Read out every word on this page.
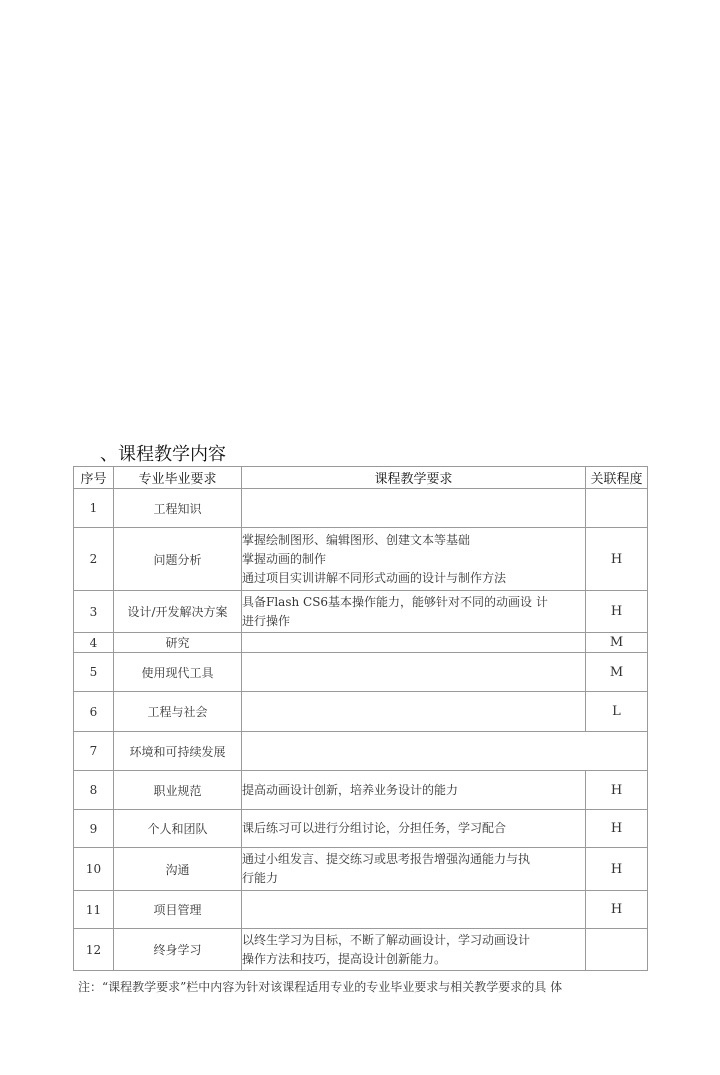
、课程教学内容
序号	专业毕业要求	课程教学要求	关联程度
1	工程知识		
2	问题分析	掌握绘制图形、编辑图形、创建文本等基础
掌握动画的制作
通过项目实训讲解不同形式动画的设计与制作方法	H
3	设计/开发解决方案	具备Flash CS6基本操作能力，能够针对不同的动画设 计
进行操作	H
4	研究		M
5	使用现代工具		M
6	工程与社会		L
7	环境和可持续发展		
8	职业规范	提高动画设计创新，培养业务设计的能力	H
9	个人和团队	课后练习可以进行分组讨论，分担任务，学习配合	H
10	沟通	通过小组发言、提交练习或思考报告增强沟通能力与执
行能力	H
11	项目管理		H
12	终身学习	以终生学习为目标，不断了解动画设计，学习动画设计
操作方法和技巧，提高设计创新能力。	

注：“课程教学要求”栏中内容为针对该课程适用专业的专业毕业要求与相关教学要求的具 体
